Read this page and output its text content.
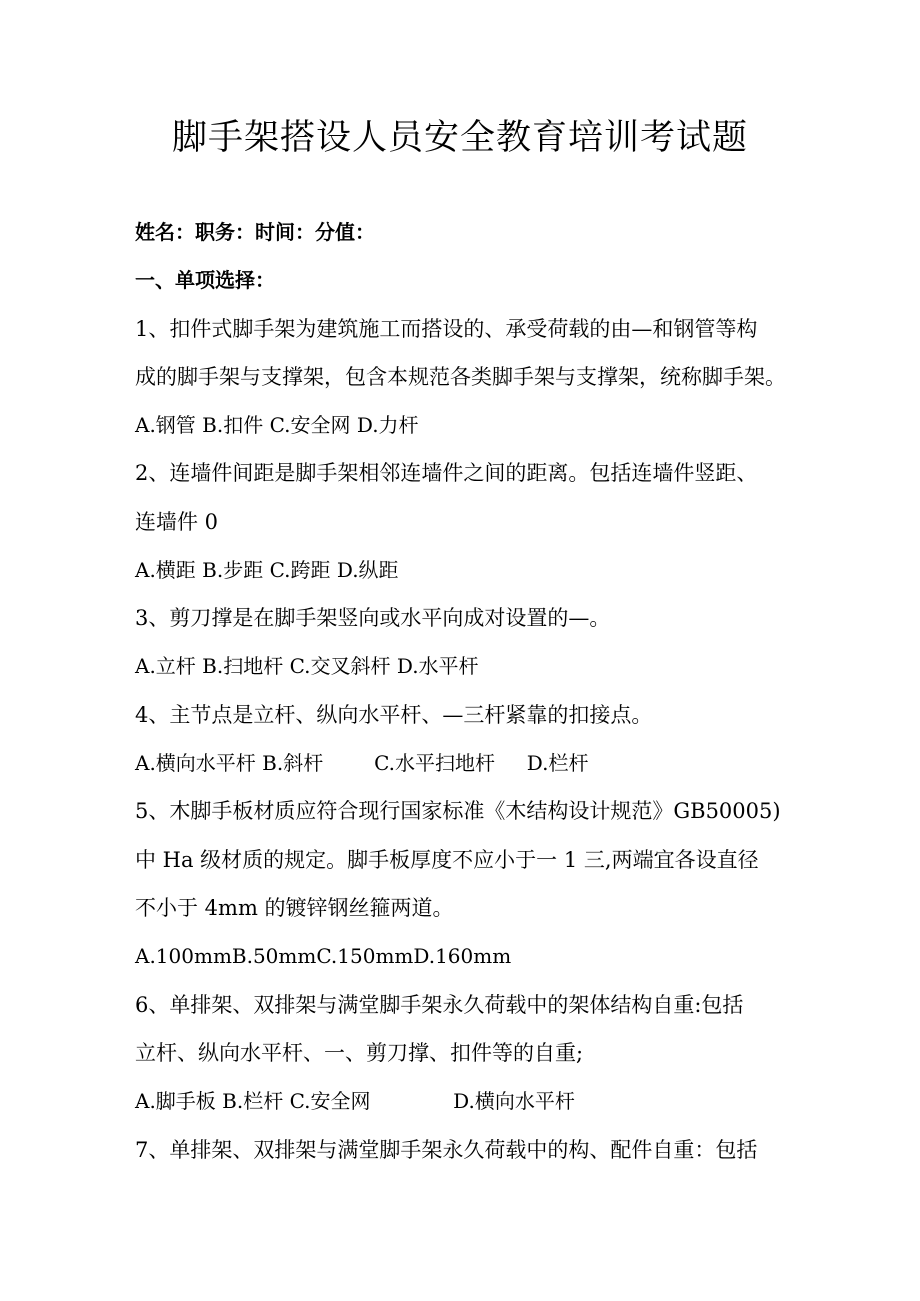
脚手架搭设人员安全教育培训考试题
姓名：职务：时间：分值：
一、单项选择：
1、扣件式脚手架为建筑施工而搭设的、承受荷载的由—和钢管等构
成的脚手架与支撑架，包含本规范各类脚手架与支撑架，统称脚手架。
A.钢管 B.扣件 C.安全网 D.力杆
2、连墙件间距是脚手架相邻连墙件之间的距离。包括连墙件竖距、
连墙件 0
A.横距 B.步距 C.跨距 D.纵距
3、剪刀撑是在脚手架竖向或水平向成对设置的—。
A.立杆 B.扫地杆 C.交叉斜杆 D.水平杆
4、主节点是立杆、纵向水平杆、—三杆紧靠的扣接点。
A.横向水平杆 B.斜杆        C.水平扫地杆     D.栏杆
5、木脚手板材质应符合现行国家标准《木结构设计规范》GB50005)
中 Ha 级材质的规定。脚手板厚度不应小于一 1 三,两端宜各设直径
不小于 4mm 的镀锌钢丝箍两道。
A.100mmB.50mmC.150mmD.160mm
6、单排架、双排架与满堂脚手架永久荷载中的架体结构自重:包括
立杆、纵向水平杆、一、剪刀撑、扣件等的自重;
A.脚手板 B.栏杆 C.安全网             D.横向水平杆
7、单排架、双排架与满堂脚手架永久荷载中的构、配件自重：包括
